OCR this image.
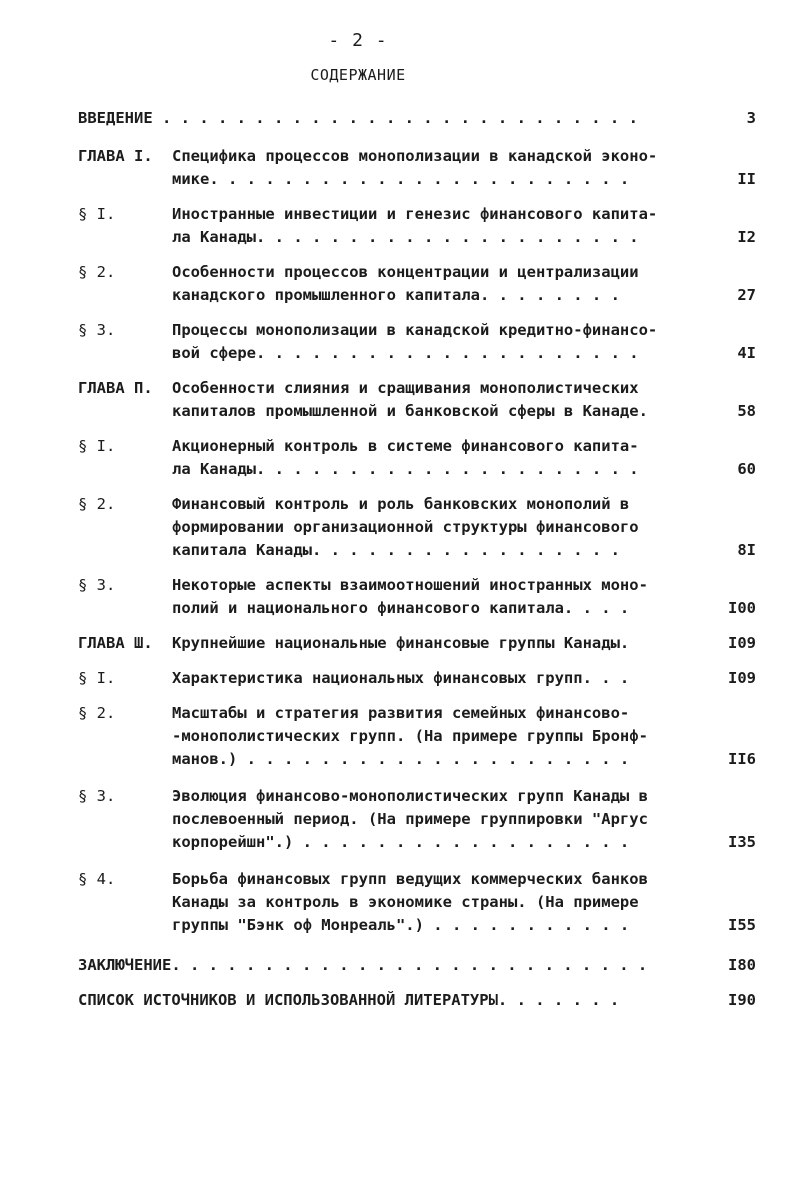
- 2 -
СОДЕРЖАНИЕ
ВВЕДЕНИЕ . . . . . . . . . . . . . . . . . . . . . . . . . .	3
ГЛАВА I. Специфика процессов монополизации в канадской эконо-
мике. . . . . . . . . . . . . . . . . . . . . . .	II
§ I.	Иностранные инвестиции и генезис финансового капита-
ла Канады. . . . . . . . . . . . . . . . . . . . .	I2
§ 2.	Особенности процессов концентрации и централизации
канадского промышленного капитала. . . . . . . .	27
§ 3.	Процессы монополизации в канадской кредитно-финансо-
вой сфере. . . . . . . . . . . . . . . . . . . . .	4I
ГЛАВА П. Особенности слияния и сращивания монополистических
капиталов промышленной и банковской сферы в Канаде.	58
§ I.	Акционерный контроль в системе финансового капита-
ла Канады. . . . . . . . . . . . . . . . . . . . .	60
§ 2.	Финансовый контроль и роль банковских монополий в
формировании организационной структуры финансового
капитала Канады. . . . . . . . . . . . . . . . .	8I
§ 3.	Некоторые аспекты взаимоотношений иностранных моно-
полий и национального финансового капитала. . . .	I00
ГЛАВА Ш. Крупнейшие национальные финансовые группы Канады.	I09
§ I.	Характеристика национальных финансовых групп. . .	I09
§ 2.	Масштабы и стратегия развития семейных финансово-
-монополистических групп. (На примере группы Бронф-
манов.) . . . . . . . . . . . . . . . . . . . . .	II6
§ 3.	Эволюция финансово-монополистических групп Канады в
послевоенный период. (На примере группировки "Аргус
корпорейшн".) . . . . . . . . . . . . . . . . . .	I35
§ 4.	Борьба финансовых групп ведущих коммерческих банков
Канады за контроль в экономике страны. (На примере
группы "Бэнк оф Монреаль".) . . . . . . . . . . .	I55
ЗАКЛЮЧЕНИЕ. . . . . . . . . . . . . . . . . . . . . . . . . .	I80
СПИСОК ИСТОЧНИКОВ И ИСПОЛЬЗОВАННОЙ ЛИТЕРАТУРЫ. . . . . . .	I90
